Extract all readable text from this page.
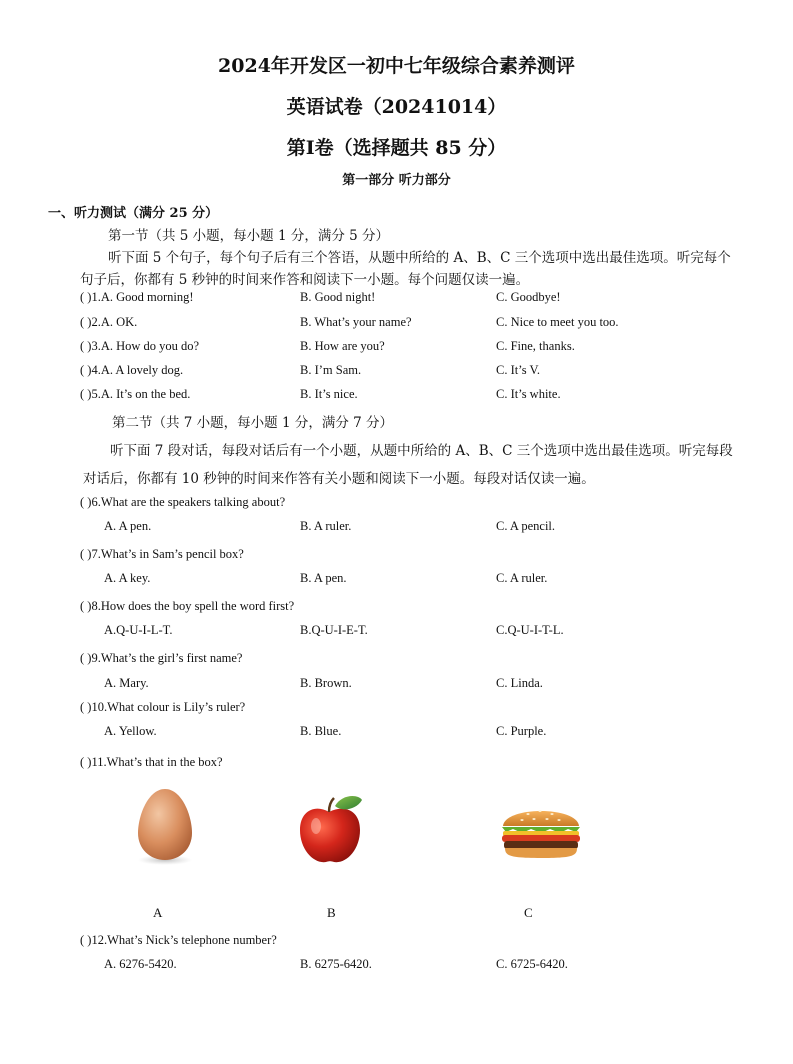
2024年开发区一初中七年级综合素养测评
英语试卷（20241014）
第Ⅰ卷（选择题共 85 分）
第一部分 听力部分
一、听力测试（满分 25 分）
第一节（共 5 小题，每小题 1 分，满分 5 分）
听下面 5 个句子，每个句子后有三个答语，从题中所给的 A、B、C 三个选项中选出最佳选项。听完每个
句子后，你都有 5 秒钟的时间来作答和阅读下一小题。每个问题仅读一遍。
( )1.A. Good morning!	B. Good night!	C. Goodbye!
( )2.A. OK.	B. What’s your name?	C. Nice to meet you too.
( )3.A. How do you do?	B. How are you?	C. Fine, thanks.
( )4.A. A lovely dog.	B. I’m Sam.	C. It’s V.
( )5.A. It’s on the bed.	B. It’s nice.	C. It’s white.
第二节（共 7 小题，每小题 1 分，满分 7 分）
听下面 7 段对话，每段对话后有一个小题，从题中所给的 A、B、C 三个选项中选出最佳选项。听完每段
对话后，你都有 10 秒钟的时间来作答有关小题和阅读下一小题。每段对话仅读一遍。
( )6.What are the speakers talking about?
A. A pen.	B. A ruler.	C. A pencil.
( )7.What’s in Sam’s pencil box?
A. A key.	B. A pen.	C. A ruler.
( )8.How does the boy spell the word first?
A.Q-U-I-L-T.	B.Q-U-I-E-T.	C.Q-U-I-T-L.
( )9.What’s the girl’s first name?
A. Mary.	B. Brown.	C. Linda.
( )10.What colour is Lily’s ruler?
A. Yellow.	B. Blue.	C. Purple.
( )11.What’s that in the box?
A	B	C
( )12.What’s Nick’s telephone number?
A. 6276-5420.	B. 6275-6420.	C. 6725-6420.
